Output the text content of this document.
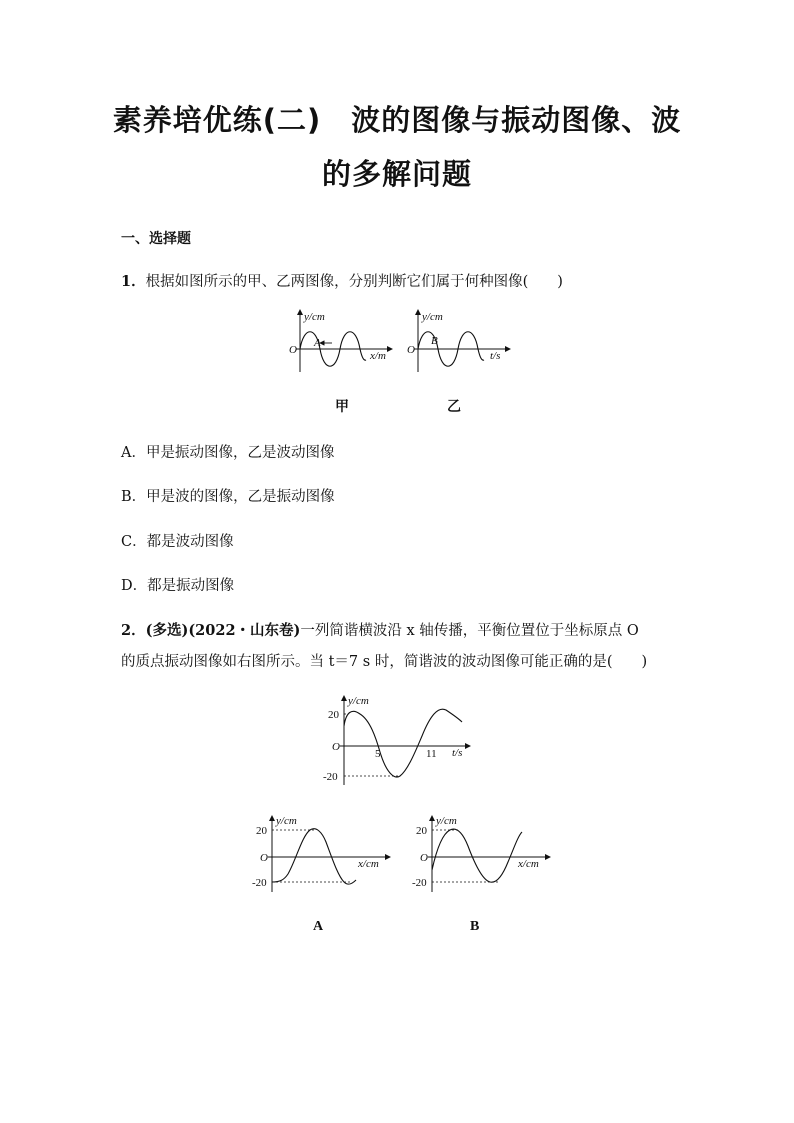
素养培优练(二)　波的图像与振动图像、波
的多解问题
一、选择题
1．根据如图所示的甲、乙两图像，分别判断它们属于何种图像(　　)
y/cm
O
A
x/m
y/cm
O
B
t/s
甲	乙
A．甲是振动图像，乙是波动图像
B．甲是波的图像，乙是振动图像
C．都是波动图像
D．都是振动图像
2．(多选)(2022・山东卷)一列简谐横波沿 x 轴传播，平衡位置位于坐标原点 O
的质点振动图像如右图所示。当 t＝7 s 时，简谐波的波动图像可能正确的是(　　)
y/cm
20
O
-20
5	11 t/s
y/cm
20
O
-20
x/cm
y/cm
20
O
-20
x/cm
A	B
